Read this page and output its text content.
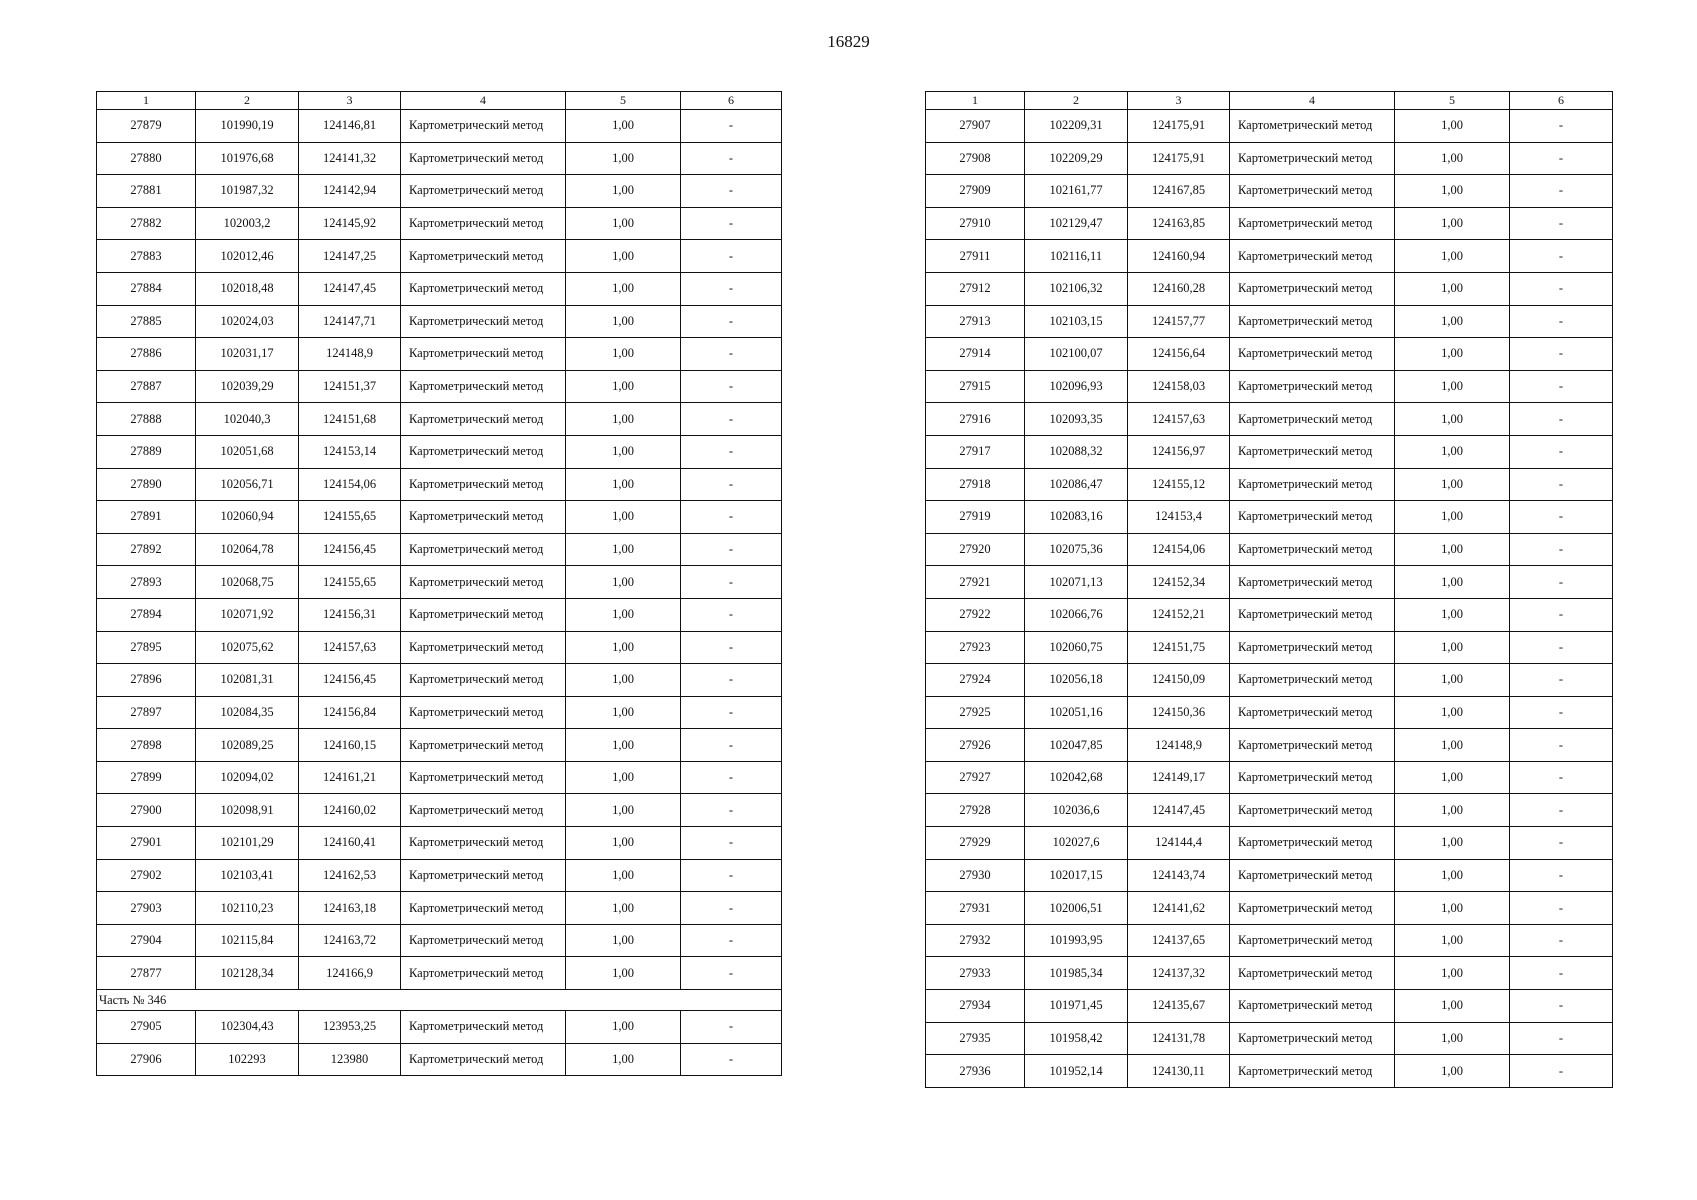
16829
1	2	3	4	5	6
27879	101990,19	124146,81	Картометрический метод	1,00	-
27880	101976,68	124141,32	Картометрический метод	1,00	-
27881	101987,32	124142,94	Картометрический метод	1,00	-
27882	102003,2	124145,92	Картометрический метод	1,00	-
27883	102012,46	124147,25	Картометрический метод	1,00	-
27884	102018,48	124147,45	Картометрический метод	1,00	-
27885	102024,03	124147,71	Картометрический метод	1,00	-
27886	102031,17	124148,9	Картометрический метод	1,00	-
27887	102039,29	124151,37	Картометрический метод	1,00	-
27888	102040,3	124151,68	Картометрический метод	1,00	-
27889	102051,68	124153,14	Картометрический метод	1,00	-
27890	102056,71	124154,06	Картометрический метод	1,00	-
27891	102060,94	124155,65	Картометрический метод	1,00	-
27892	102064,78	124156,45	Картометрический метод	1,00	-
27893	102068,75	124155,65	Картометрический метод	1,00	-
27894	102071,92	124156,31	Картометрический метод	1,00	-
27895	102075,62	124157,63	Картометрический метод	1,00	-
27896	102081,31	124156,45	Картометрический метод	1,00	-
27897	102084,35	124156,84	Картометрический метод	1,00	-
27898	102089,25	124160,15	Картометрический метод	1,00	-
27899	102094,02	124161,21	Картометрический метод	1,00	-
27900	102098,91	124160,02	Картометрический метод	1,00	-
27901	102101,29	124160,41	Картометрический метод	1,00	-
27902	102103,41	124162,53	Картометрический метод	1,00	-
27903	102110,23	124163,18	Картометрический метод	1,00	-
27904	102115,84	124163,72	Картометрический метод	1,00	-
27877	102128,34	124166,9	Картометрический метод	1,00	-
Часть № 346					
27905	102304,43	123953,25	Картометрический метод	1,00	-
27906	102293	123980	Картометрический метод	1,00	-
1	2	3	4	5	6
27907	102209,31	124175,91	Картометрический метод	1,00	-
27908	102209,29	124175,91	Картометрический метод	1,00	-
27909	102161,77	124167,85	Картометрический метод	1,00	-
27910	102129,47	124163,85	Картометрический метод	1,00	-
27911	102116,11	124160,94	Картометрический метод	1,00	-
27912	102106,32	124160,28	Картометрический метод	1,00	-
27913	102103,15	124157,77	Картометрический метод	1,00	-
27914	102100,07	124156,64	Картометрический метод	1,00	-
27915	102096,93	124158,03	Картометрический метод	1,00	-
27916	102093,35	124157,63	Картометрический метод	1,00	-
27917	102088,32	124156,97	Картометрический метод	1,00	-
27918	102086,47	124155,12	Картометрический метод	1,00	-
27919	102083,16	124153,4	Картометрический метод	1,00	-
27920	102075,36	124154,06	Картометрический метод	1,00	-
27921	102071,13	124152,34	Картометрический метод	1,00	-
27922	102066,76	124152,21	Картометрический метод	1,00	-
27923	102060,75	124151,75	Картометрический метод	1,00	-
27924	102056,18	124150,09	Картометрический метод	1,00	-
27925	102051,16	124150,36	Картометрический метод	1,00	-
27926	102047,85	124148,9	Картометрический метод	1,00	-
27927	102042,68	124149,17	Картометрический метод	1,00	-
27928	102036,6	124147,45	Картометрический метод	1,00	-
27929	102027,6	124144,4	Картометрический метод	1,00	-
27930	102017,15	124143,74	Картометрический метод	1,00	-
27931	102006,51	124141,62	Картометрический метод	1,00	-
27932	101993,95	124137,65	Картометрический метод	1,00	-
27933	101985,34	124137,32	Картометрический метод	1,00	-
27934	101971,45	124135,67	Картометрический метод	1,00	-
27935	101958,42	124131,78	Картометрический метод	1,00	-
27936	101952,14	124130,11	Картометрический метод	1,00	-
